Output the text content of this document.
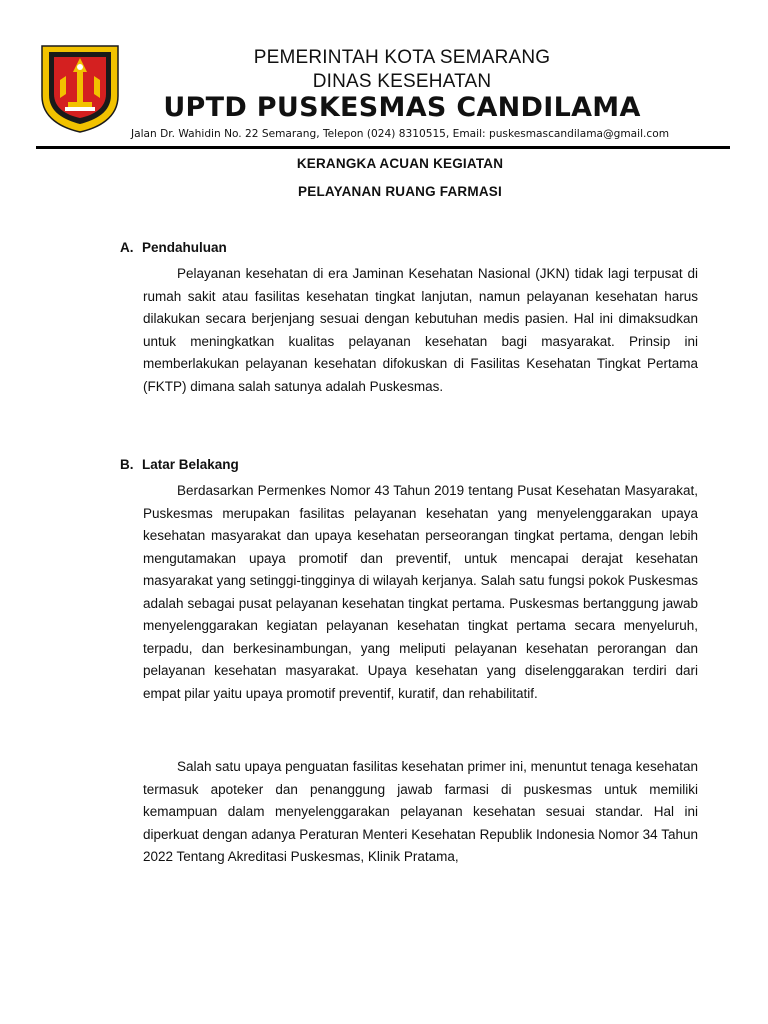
PEMERINTAH KOTA SEMARANG
DINAS KESEHATAN
UPTD PUSKESMAS CANDILAMA
Jalan Dr. Wahidin No. 22 Semarang, Telepon (024) 8310515, Email: puskesmascandilama@gmail.com
KERANGKA ACUAN KEGIATAN
PELAYANAN RUANG FARMASI
A. Pendahuluan

Pelayanan kesehatan di era Jaminan Kesehatan Nasional (JKN) tidak lagi terpusat di rumah sakit atau fasilitas kesehatan tingkat lanjutan, namun pelayanan kesehatan harus dilakukan secara berjenjang sesuai dengan kebutuhan medis pasien. Hal ini dimaksudkan untuk meningkatkan kualitas pelayanan kesehatan bagi masyarakat. Prinsip ini memberlakukan pelayanan kesehatan difokuskan di Fasilitas Kesehatan Tingkat Pertama (FKTP) dimana salah satunya adalah Puskesmas.

B. Latar Belakang

Berdasarkan Permenkes Nomor 43 Tahun 2019 tentang Pusat Kesehatan Masyarakat, Puskesmas merupakan fasilitas pelayanan kesehatan yang menyelenggarakan upaya kesehatan masyarakat dan upaya kesehatan perseorangan tingkat pertama, dengan lebih mengutamakan upaya promotif dan preventif, untuk mencapai derajat kesehatan masyarakat yang setinggi-tingginya di wilayah kerjanya. Salah satu fungsi pokok Puskesmas adalah sebagai pusat pelayanan kesehatan tingkat pertama. Puskesmas bertanggung jawab menyelenggarakan kegiatan pelayanan kesehatan tingkat pertama secara menyeluruh, terpadu, dan berkesinambungan, yang meliputi pelayanan kesehatan perorangan dan pelayanan kesehatan masyarakat. Upaya kesehatan yang diselenggarakan terdiri dari empat pilar yaitu upaya promotif preventif, kuratif, dan rehabilitatif.

Salah satu upaya penguatan fasilitas kesehatan primer ini, menuntut tenaga kesehatan termasuk apoteker dan penanggung jawab farmasi di puskesmas untuk memiliki kemampuan dalam menyelenggarakan pelayanan kesehatan sesuai standar. Hal ini diperkuat dengan adanya Peraturan Menteri Kesehatan Republik Indonesia Nomor 34 Tahun 2022 Tentang Akreditasi Puskesmas, Klinik Pratama,
